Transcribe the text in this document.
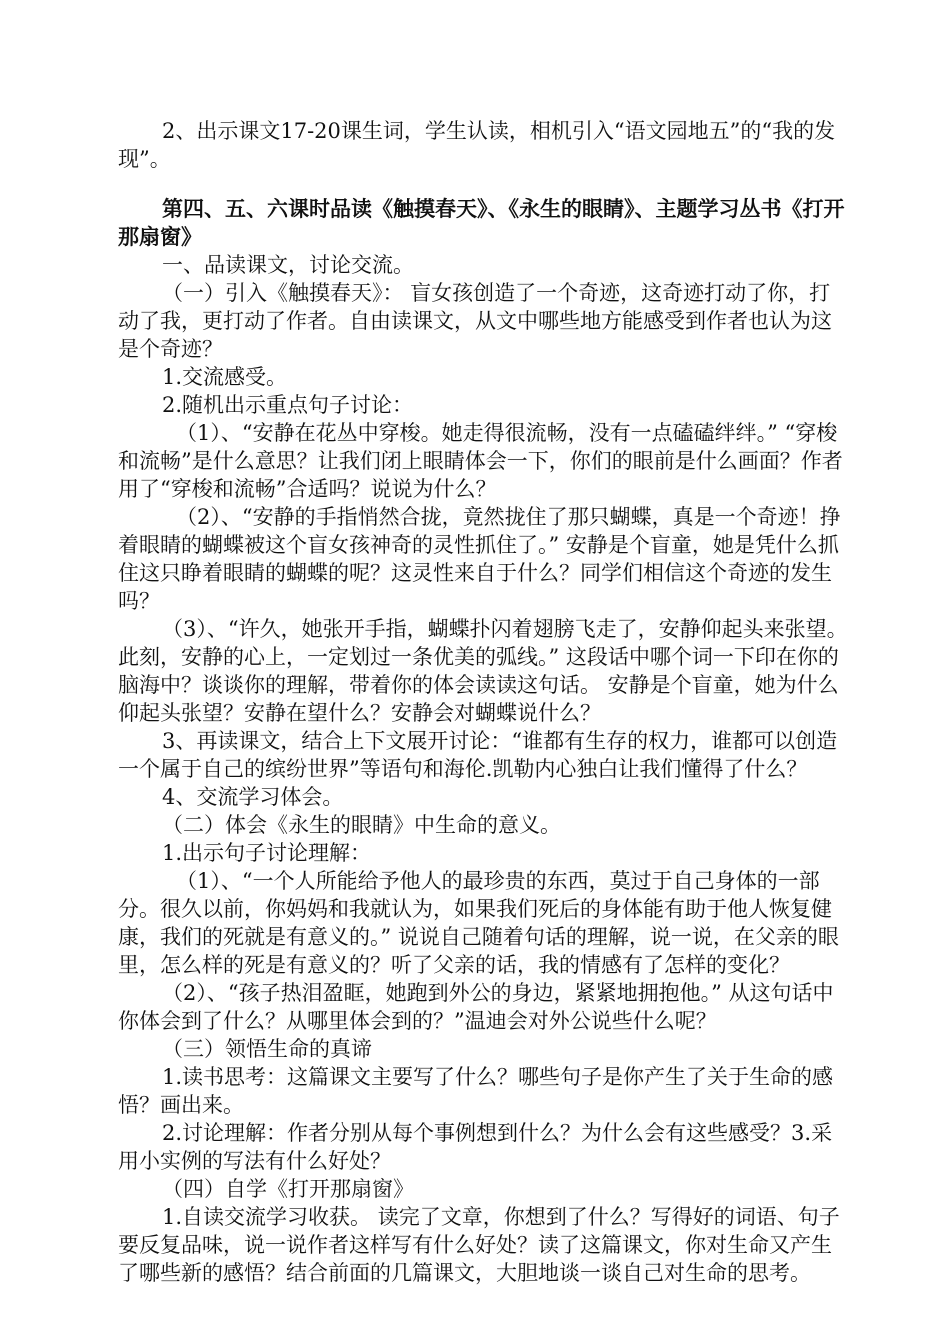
2、出示课文17-20课生词，学生认读，相机引入“语文园地五”的“我的发现”。

第四、五、六课时品读《触摸春天》、《永生的眼睛》、主题学习丛书《打开那扇窗》

一、品读课文，讨论交流。

（一）引入《触摸春天》： 盲女孩创造了一个奇迹，这奇迹打动了你，打动了我，更打动了作者。自由读课文，从文中哪些地方能感受到作者也认为这是个奇迹？

1.交流感受。

2.随机出示重点句子讨论：

（1）、“安静在花丛中穿梭。她走得很流畅，没有一点磕磕绊绊。” “穿梭和流畅”是什么意思？让我们闭上眼睛体会一下，你们的眼前是什么画面？作者用了“穿梭和流畅”合适吗？说说为什么？

（2）、“安静的手指悄然合拢，竟然拢住了那只蝴蝶，真是一个奇迹！挣着眼睛的蝴蝶被这个盲女孩神奇的灵性抓住了。” 安静是个盲童，她是凭什么抓住这只睁着眼睛的蝴蝶的呢？这灵性来自于什么？同学们相信这个奇迹的发生吗？

（3）、“许久，她张开手指，蝴蝶扑闪着翅膀飞走了，安静仰起头来张望。此刻，安静的心上，一定划过一条优美的弧线。” 这段话中哪个词一下印在你的脑海中？谈谈你的理解，带着你的体会读读这句话。 安静是个盲童，她为什么仰起头张望？安静在望什么？安静会对蝴蝶说什么？

3、再读课文，结合上下文展开讨论：“谁都有生存的权力，谁都可以创造一个属于自己的缤纷世界”等语句和海伦.凯勒内心独白让我们懂得了什么？

4、交流学习体会。

（二）体会《永生的眼睛》中生命的意义。

1.出示句子讨论理解：

（1）、“一个人所能给予他人的最珍贵的东西，莫过于自己身体的一部分。很久以前，你妈妈和我就认为，如果我们死后的身体能有助于他人恢复健康，我们的死就是有意义的。” 说说自己随着句话的理解，说一说，在父亲的眼里，怎么样的死是有意义的？听了父亲的话，我的情感有了怎样的变化？

（2）、“孩子热泪盈眶，她跑到外公的身边，紧紧地拥抱他。” 从这句话中你体会到了什么？从哪里体会到的？”温迪会对外公说些什么呢？

（三）领悟生命的真谛

1.读书思考：这篇课文主要写了什么？哪些句子是你产生了关于生命的感悟？画出来。

2.讨论理解：作者分别从每个事例想到什么？为什么会有这些感受？3.采用小实例的写法有什么好处？

（四）自学《打开那扇窗》

1.自读交流学习收获。 读完了文章，你想到了什么？写得好的词语、句子要反复品味，说一说作者这样写有什么好处？读了这篇课文，你对生命又产生了哪些新的感悟？结合前面的几篇课文，大胆地谈一谈自己对生命的思考。
